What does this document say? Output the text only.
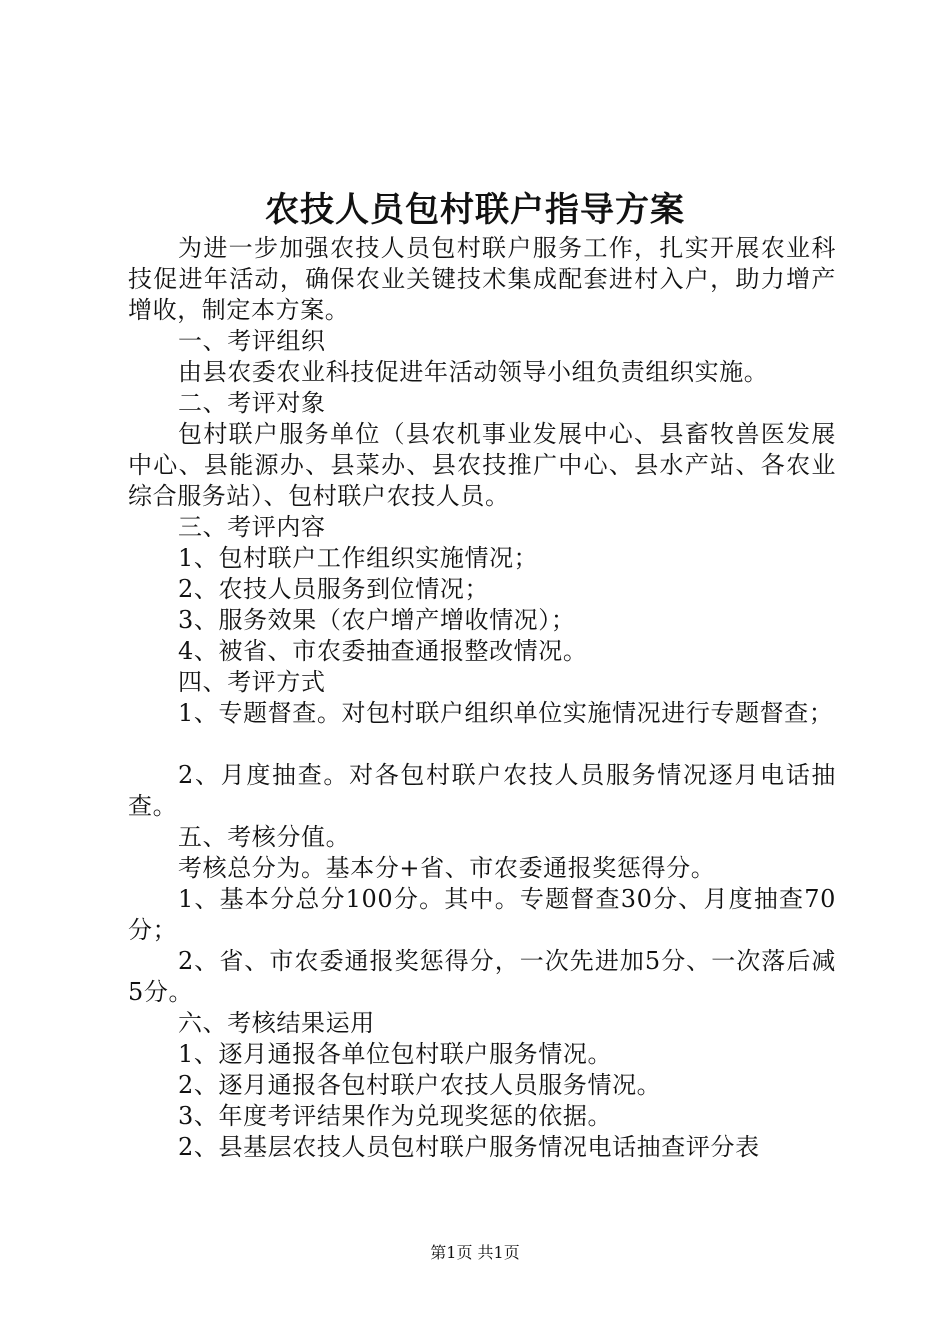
农技人员包村联户指导方案

为进一步加强农技人员包村联户服务工作，扎实开展农业科技促进年活动，确保农业关键技术集成配套进村入户，助力增产增收，制定本方案。

一、考评组织

由县农委农业科技促进年活动领导小组负责组织实施。

二、考评对象

包村联户服务单位（县农机事业发展中心、县畜牧兽医发展中心、县能源办、县菜办、县农技推广中心、县水产站、各农业综合服务站）、包村联户农技人员。

三、考评内容

1、包村联户工作组织实施情况；

2、农技人员服务到位情况；

3、服务效果（农户增产增收情况）；

4、被省、市农委抽查通报整改情况。

四、考评方式

1、专题督查。对包村联户组织单位实施情况进行专题督查；

2、月度抽查。对各包村联户农技人员服务情况逐月电话抽查。

五、考核分值。

考核总分为。基本分+省、市农委通报奖惩得分。

1、基本分总分100分。其中。专题督查30分、月度抽查70分；

2、省、市农委通报奖惩得分，一次先进加5分、一次落后减5分。

六、考核结果运用

1、逐月通报各单位包村联户服务情况。

2、逐月通报各包村联户农技人员服务情况。

3、年度考评结果作为兑现奖惩的依据。

2、县基层农技人员包村联户服务情况电话抽查评分表

第1页 共1页
